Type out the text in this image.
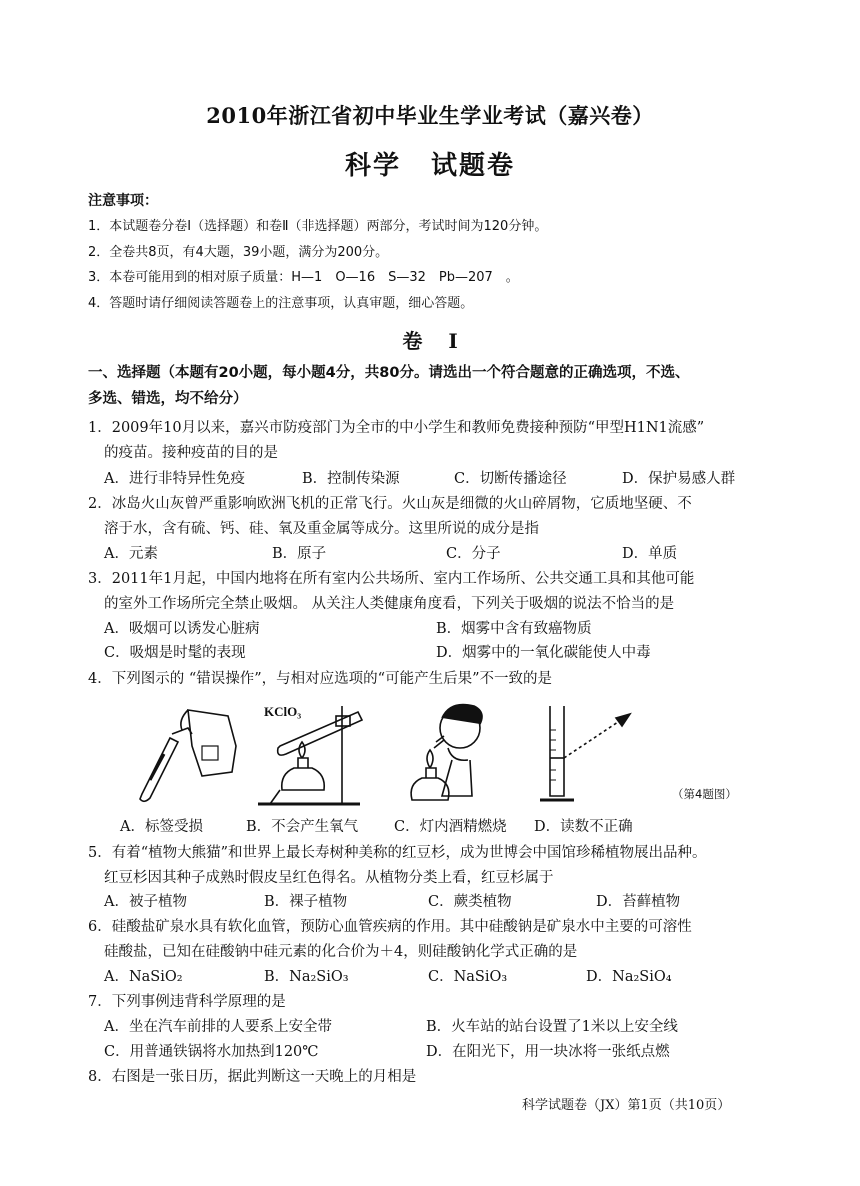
2010年浙江省初中毕业生学业考试（嘉兴卷）
科学 试题卷
注意事项：
1．本试题卷分卷Ⅰ（选择题）和卷Ⅱ（非选择题）两部分，考试时间为120分钟。
2．全卷共8页，有4大题，39小题，满分为200分。
3．本卷可能用到的相对原子质量：H—1　O—16　S—32　Pb—207　。
4．答题时请仔细阅读答题卷上的注意事项，认真审题，细心答题。
卷 Ⅰ
一、选择题（本题有20小题，每小题4分，共80分。请选出一个符合题意的正确选项，不选、
多选、错选，均不给分）
1．2009年10月以来，嘉兴市防疫部门为全市的中小学生和教师免费接种预防“甲型H1N1流感”
的疫苗。接种疫苗的目的是
A．进行非特异性免疫	B．控制传染源	C．切断传播途径	D．保护易感人群
2．冰岛火山灰曾严重影响欧洲飞机的正常飞行。火山灰是细微的火山碎屑物，它质地坚硬、不
溶于水，含有硫、钙、硅、氧及重金属等成分。这里所说的成分是指
A．元素	B．原子	C．分子	D．单质
3．2011年1月起，中国内地将在所有室内公共场所、室内工作场所、公共交通工具和其他可能
的室外工作场所完全禁止吸烟。 从关注人类健康角度看，下列关于吸烟的说法不恰当的是
A．吸烟可以诱发心脏病	B．烟雾中含有致癌物质
C．吸烟是时髦的表现	D．烟雾中的一氧化碳能使人中毒
4．下列图示的 “错误操作”，与相对应选项的“可能产生后果”不一致的是
KClO₃
（第4题图）
A．标签受损	B．不会产生氧气 C．灯内酒精燃烧 D．读数不正确
5．有着“植物大熊猫”和世界上最长寿树种美称的红豆杉，成为世博会中国馆珍稀植物展出品种。
红豆杉因其种子成熟时假皮呈红色得名。从植物分类上看，红豆杉属于
A．被子植物	B．裸子植物	C．蕨类植物	D．苔藓植物
6．硅酸盐矿泉水具有软化血管，预防心血管疾病的作用。其中硅酸钠是矿泉水中主要的可溶性
硅酸盐，已知在硅酸钠中硅元素的化合价为＋4，则硅酸钠化学式正确的是
A．NaSiO₂	B．Na₂SiO₃	C．NaSiO₃	D．Na₂SiO₄
7．下列事例违背科学原理的是
A．坐在汽车前排的人要系上安全带	B．火车站的站台设置了1米以上安全线
C．用普通铁锅将水加热到120℃	D．在阳光下，用一块冰将一张纸点燃
8．右图是一张日历，据此判断这一天晚上的月相是
科学试题卷（JX）第1页（共10页）
